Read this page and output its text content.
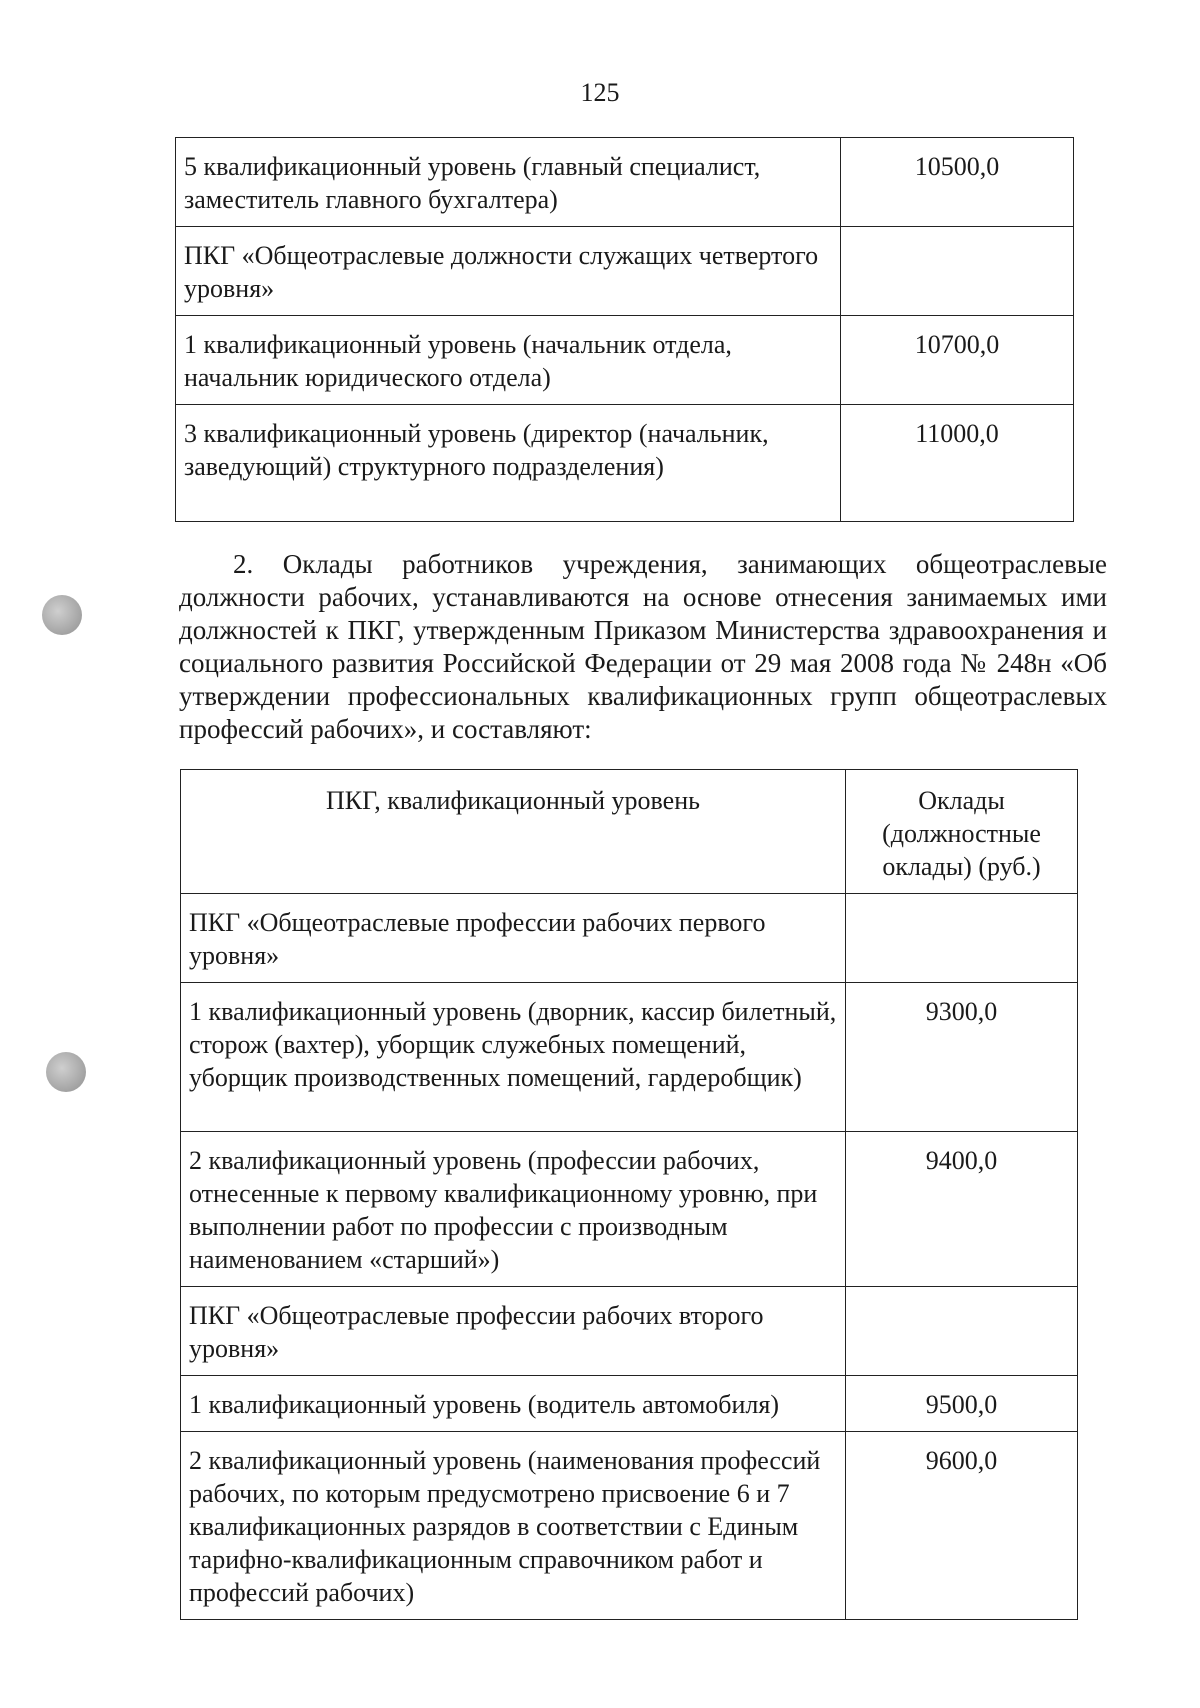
125
5 квалификационный уровень (главный специалист, заместитель главного бухгалтера)	10500,0
ПКГ «Общеотраслевые должности служащих четвертого уровня»	
1 квалификационный уровень (начальник отдела, начальник юридического отдела)	10700,0
3 квалификационный уровень (директор (начальник, заведующий) структурного подразделения)	11000,0

2. Оклады работников учреждения, занимающих общеотраслевые должности рабочих, устанавливаются на основе отнесения занимаемых ими должностей к ПКГ, утвержденным Приказом Министерства здравоохранения и социального развития Российской Федерации от 29 мая 2008 года № 248н «Об утверждении профессиональных квалификационных групп общеотраслевых профессий рабочих», и составляют:

ПКГ, квалификационный уровень	Оклады (должностные оклады) (руб.)
ПКГ «Общеотраслевые профессии рабочих первого уровня»	
1 квалификационный уровень (дворник, кассир билетный, сторож (вахтер), уборщик служебных помещений, уборщик производственных помещений, гардеробщик)	9300,0
2 квалификационный уровень (профессии рабочих, отнесенные к первому квалификационному уровню, при выполнении работ по профессии с производным наименованием «старший»)	9400,0
ПКГ «Общеотраслевые профессии рабочих второго уровня»	
1 квалификационный уровень (водитель автомобиля)	9500,0
2 квалификационный уровень (наименования профессий рабочих, по которым предусмотрено присвоение 6 и 7 квалификационных разрядов в соответствии с Единым тарифно-квалификационным справочником работ и профессий рабочих)	9600,0
